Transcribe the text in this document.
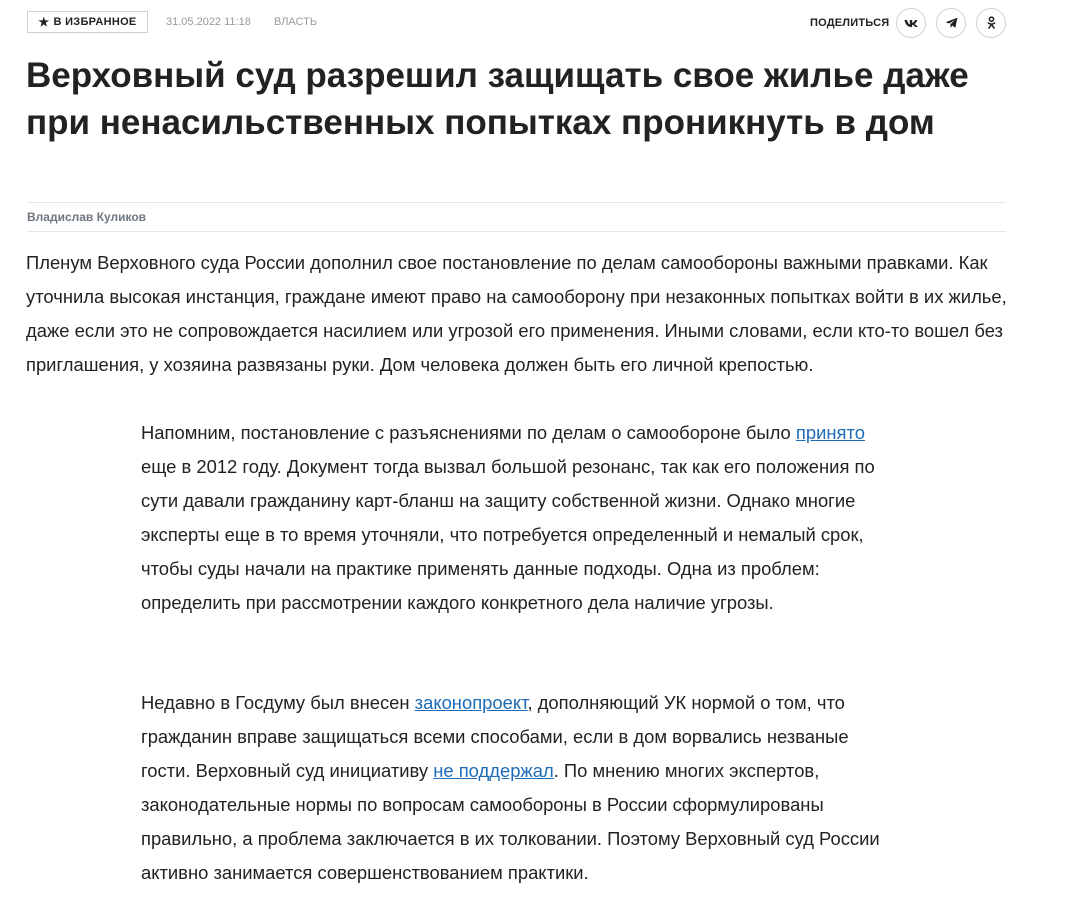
★ В ИЗБРАННОЕ	31.05.2022 11:18 ВЛАСТЬ	ПОДЕЛИТЬСЯ
Верховный суд разрешил защищать свое жилье даже при ненасильственных попытках проникнуть в дом
Владислав Куликов

Пленум Верховного суда России дополнил свое постановление по делам самообороны важными правками. Как уточнила высокая инстанция, граждане имеют право на самооборону при незаконных попытках войти в их жилье, даже если это не сопровождается насилием или угрозой его применения. Иными словами, если кто-то вошел без приглашения, у хозяина развязаны руки. Дом человека должен быть его личной крепостью.

Напомним, постановление с разъяснениями по делам о самообороне было принято еще в 2012 году. Документ тогда вызвал большой резонанс, так как его положения по сути давали гражданину карт-бланш на защиту собственной жизни. Однако многие эксперты еще в то время уточняли, что потребуется определенный и немалый срок, чтобы суды начали на практике применять данные подходы. Одна из проблем: определить при рассмотрении каждого конкретного дела наличие угрозы.

Недавно в Госдуму был внесен законопроект, дополняющий УК нормой о том, что гражданин вправе защищаться всеми способами, если в дом ворвались незваные гости. Верховный суд инициативу не поддержал. По мнению многих экспертов, законодательные нормы по вопросам самообороны в России сформулированы правильно, а проблема заключается в их толковании. Поэтому Верховный суд России активно занимается совершенствованием практики.
